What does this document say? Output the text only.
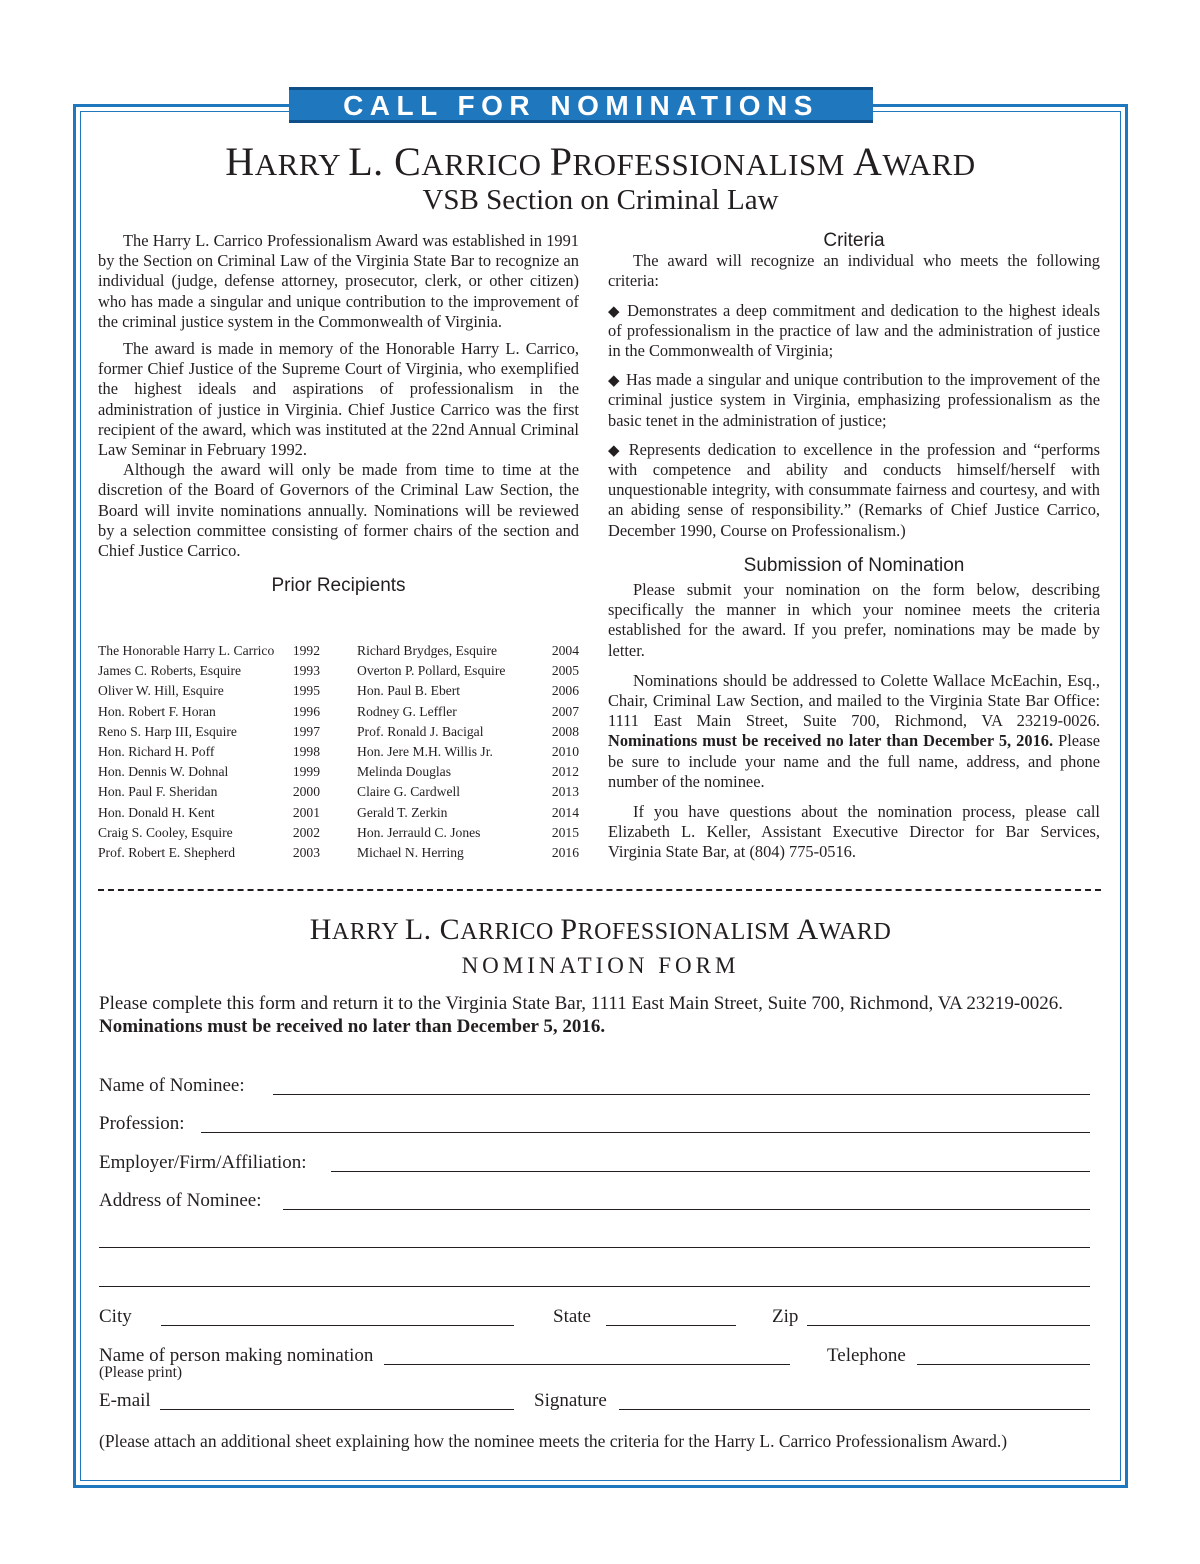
CALL FOR NOMINATIONS
HARRY L. CARRICO PROFESSIONALISM AWARD
VSB Section on Criminal Law

The Harry L. Carrico Professionalism Award was established in 1991 by the Section on Criminal Law of the Virginia State Bar to recognize an individual (judge, defense attorney, prosecutor, clerk, or other citizen) who has made a singular and unique contribution to the improvement of the criminal justice system in the Commonwealth of Virginia.

The award is made in memory of the Honorable Harry L. Carrico, former Chief Justice of the Supreme Court of Virginia, who exemplified the highest ideals and aspirations of professionalism in the administration of justice in Virginia. Chief Justice Carrico was the first recipient of the award, which was instituted at the 22nd Annual Criminal Law Seminar in February 1992.

Although the award will only be made from time to time at the discretion of the Board of Governors of the Criminal Law Section, the Board will invite nominations annually. Nominations will be reviewed by a selection committee consisting of former chairs of the section and Chief Justice Carrico.

Prior Recipients

The Honorable Harry L. Carrico	1992
James C. Roberts, Esquire	1993
Oliver W. Hill, Esquire	1995
Hon. Robert F. Horan	1996
Reno S. Harp III, Esquire	1997
Hon. Richard H. Poff	1998
Hon. Dennis W. Dohnal	1999
Hon. Paul F. Sheridan	2000
Hon. Donald H. Kent	2001
Craig S. Cooley, Esquire	2002
Prof. Robert E. Shepherd	2003
Richard Brydges, Esquire	2004
Overton P. Pollard, Esquire	2005
Hon. Paul B. Ebert	2006
Rodney G. Leffler	2007
Prof. Ronald J. Bacigal	2008
Hon. Jere M.H. Willis Jr.	2010
Melinda Douglas	2012
Claire G. Cardwell	2013
Gerald T. Zerkin	2014
Hon. Jerrauld C. Jones	2015
Michael N. Herring	2016

Criteria

The award will recognize an individual who meets the following criteria:

◆ Demonstrates a deep commitment and dedication to the highest ideals of professionalism in the practice of law and the administration of justice in the Commonwealth of Virginia;

◆ Has made a singular and unique contribution to the improvement of the criminal justice system in Virginia, emphasizing professionalism as the basic tenet in the administration of justice;

◆ Represents dedication to excellence in the profession and “performs with competence and ability and conducts himself/herself with unquestionable integrity, with consummate fairness and courtesy, and with an abiding sense of responsibility.” (Remarks of Chief Justice Carrico, December 1990, Course on Professionalism.)

Submission of Nomination

Please submit your nomination on the form below, describing specifically the manner in which your nominee meets the criteria established for the award. If you prefer, nominations may be made by letter.

Nominations should be addressed to Colette Wallace McEachin, Esq., Chair, Criminal Law Section, and mailed to the Virginia State Bar Office: 1111 East Main Street, Suite 700, Richmond, VA 23219-0026. Nominations must be received no later than December 5, 2016. Please be sure to include your name and the full name, address, and phone number of the nominee.

If you have questions about the nomination process, please call Elizabeth L. Keller, Assistant Executive Director for Bar Services, Virginia State Bar, at (804) 775-0516.

HARRY L. CARRICO PROFESSIONALISM AWARD
NOMINATION FORM
Please complete this form and return it to the Virginia State Bar, 1111 East Main Street, Suite 700, Richmond, VA 23219-0026. Nominations must be received no later than December 5, 2016.
Name of Nominee:
Profession:
Employer/Firm/Affiliation:
Address of Nominee:
City	State	Zip
Name of person making nomination
(Please print)
Telephone
E-mail	Signature
(Please attach an additional sheet explaining how the nominee meets the criteria for the Harry L. Carrico Professionalism Award.)
